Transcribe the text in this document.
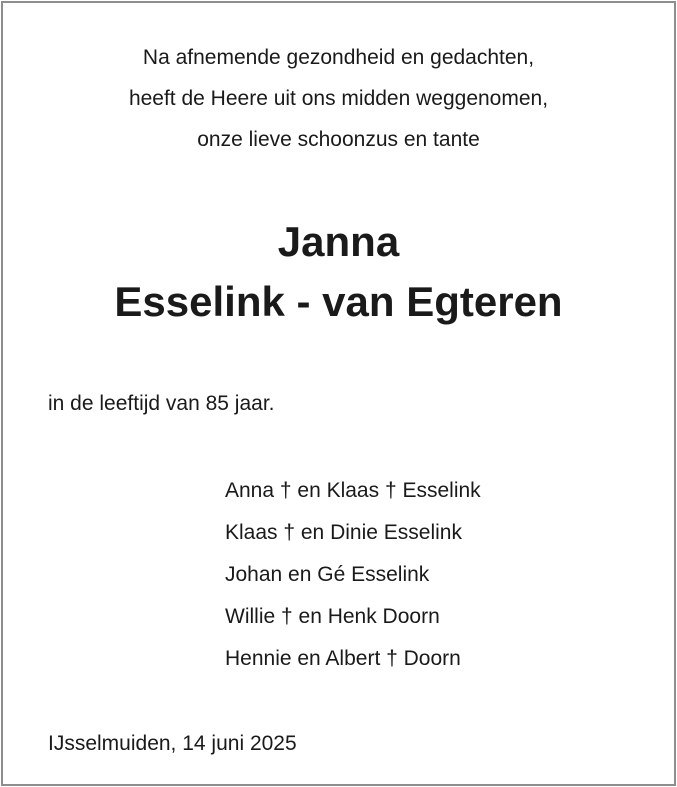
Na afnemende gezondheid en gedachten,
heeft de Heere uit ons midden weggenomen,
onze lieve schoonzus en tante
Janna
Esselink - van Egteren
in de leeftijd van 85 jaar.
Anna † en Klaas † Esselink
Klaas † en Dinie Esselink
Johan en Gé Esselink
Willie † en Henk Doorn
Hennie en Albert † Doorn
IJsselmuiden, 14 juni 2025
